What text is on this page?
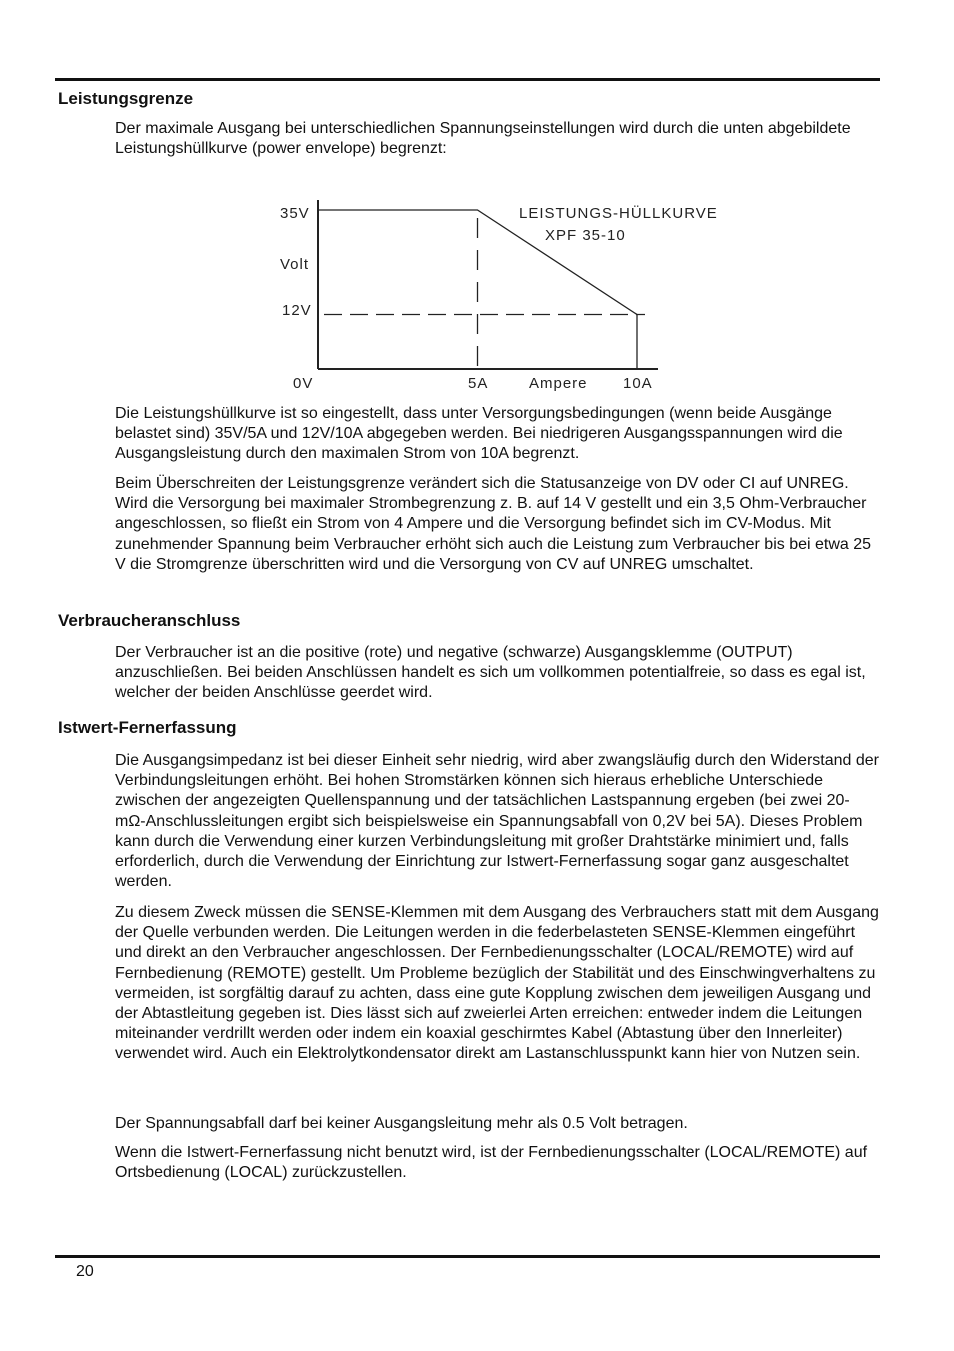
Leistungsgrenze

Der maximale Ausgang bei unterschiedlichen Spannungseinstellungen wird durch die unten abgebildete Leistungshüllkurve (power envelope) begrenzt:

35V
Volt
12V
0V	5A	Ampere 10A
LEISTUNGS-HÜLLKURVE
XPF 35-10

Die Leistungshüllkurve ist so eingestellt, dass unter Versorgungsbedingungen (wenn beide Ausgänge belastet sind) 35V/5A und 12V/10A abgegeben werden. Bei niedrigeren Ausgangsspannungen wird die Ausgangsleistung durch den maximalen Strom von 10A begrenzt.

Beim Überschreiten der Leistungsgrenze verändert sich die Statusanzeige von DV oder CI auf UNREG. Wird die Versorgung bei maximaler Strombegrenzung z. B. auf 14 V gestellt und ein 3,5 Ohm-Verbraucher angeschlossen, so fließt ein Strom von 4 Ampere und die Versorgung befindet sich im CV-Modus. Mit zunehmender Spannung beim Verbraucher erhöht sich auch die Leistung zum Verbraucher bis bei etwa 25 V die Stromgrenze überschritten wird und die Versorgung von CV auf UNREG umschaltet.

Verbraucheranschluss

Der Verbraucher ist an die positive (rote) und negative (schwarze) Ausgangsklemme (OUTPUT) anzuschließen. Bei beiden Anschlüssen handelt es sich um vollkommen potentialfreie, so dass es egal ist, welcher der beiden Anschlüsse geerdet wird.

Istwert-Fernerfassung

Die Ausgangsimpedanz ist bei dieser Einheit sehr niedrig, wird aber zwangsläufig durch den Widerstand der Verbindungsleitungen erhöht. Bei hohen Stromstärken können sich hieraus erhebliche Unterschiede zwischen der angezeigten Quellenspannung und der tatsächlichen Lastspannung ergeben (bei zwei 20-mΩ-Anschlussleitungen ergibt sich beispielsweise ein Spannungsabfall von 0,2V bei 5A). Dieses Problem kann durch die Verwendung einer kurzen Verbindungsleitung mit großer Drahtstärke minimiert und, falls erforderlich, durch die Verwendung der Einrichtung zur Istwert-Fernerfassung sogar ganz ausgeschaltet werden.

Zu diesem Zweck müssen die SENSE-Klemmen mit dem Ausgang des Verbrauchers statt mit dem Ausgang der Quelle verbunden werden. Die Leitungen werden in die federbelasteten SENSE-Klemmen eingeführt und direkt an den Verbraucher angeschlossen. Der Fernbedienungsschalter (LOCAL/REMOTE) wird auf Fernbedienung (REMOTE) gestellt. Um Probleme bezüglich der Stabilität und des Einschwingverhaltens zu vermeiden, ist sorgfältig darauf zu achten, dass eine gute Kopplung zwischen dem jeweiligen Ausgang und der Abtastleitung gegeben ist. Dies lässt sich auf zweierlei Arten erreichen: entweder indem die Leitungen miteinander verdrillt werden oder indem ein koaxial geschirmtes Kabel (Abtastung über den Innerleiter) verwendet wird. Auch ein Elektrolytkondensator direkt am Lastanschlusspunkt kann hier von Nutzen sein.

Der Spannungsabfall darf bei keiner Ausgangsleitung mehr als 0.5 Volt betragen.

Wenn die Istwert-Fernerfassung nicht benutzt wird, ist der Fernbedienungsschalter (LOCAL/REMOTE) auf Ortsbedienung (LOCAL) zurückzustellen.

20
